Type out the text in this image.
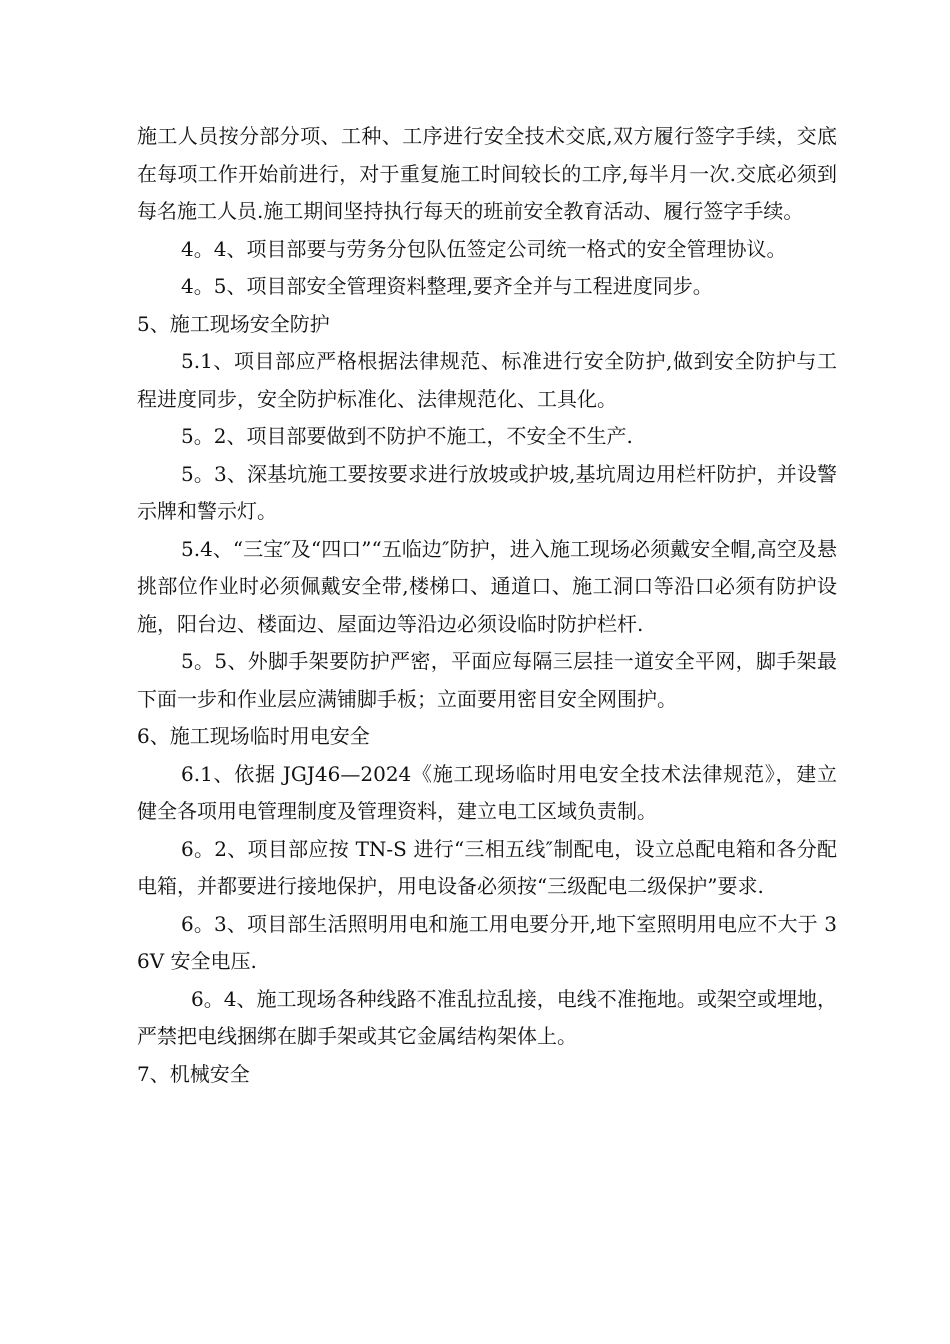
施工人员按分部分项、工种、工序进行安全技术交底,双方履行签字手续，交底在每项工作开始前进行，对于重复施工时间较长的工序,每半月一次.交底必须到每名施工人员.施工期间坚持执行每天的班前安全教育活动、履行签字手续。

4。4、项目部要与劳务分包队伍签定公司统一格式的安全管理协议。

4。5、项目部安全管理资料整理,要齐全并与工程进度同步。

5、施工现场安全防护

5.1、项目部应严格根据法律规范、标准进行安全防护,做到安全防护与工程进度同步，安全防护标准化、法律规范化、工具化。

5。2、项目部要做到不防护不施工，不安全不生产.

5。3、深基坑施工要按要求进行放坡或护坡,基坑周边用栏杆防护，并设警示牌和警示灯。

5.4、“三宝″及“四口”“五临边″防护，进入施工现场必须戴安全帽,高空及悬挑部位作业时必须佩戴安全带,楼梯口、通道口、施工洞口等沿口必须有防护设施，阳台边、楼面边、屋面边等沿边必须设临时防护栏杆.

5。5、外脚手架要防护严密，平面应每隔三层挂一道安全平网，脚手架最下面一步和作业层应满铺脚手板；立面要用密目安全网围护。

6、施工现场临时用电安全

6.1、依据 JGJ46—2024《施工现场临时用电安全技术法律规范》，建立健全各项用电管理制度及管理资料，建立电工区域负责制。

6。2、项目部应按 TN-S 进行“三相五线″制配电，设立总配电箱和各分配电箱，并都要进行接地保护，用电设备必须按“三级配电二级保护”要求.

6。3、项目部生活照明用电和施工用电要分开,地下室照明用电应不大于 36V 安全电压.

6。4、施工现场各种线路不准乱拉乱接，电线不准拖地。或架空或埋地，严禁把电线捆绑在脚手架或其它金属结构架体上。

7、机械安全
